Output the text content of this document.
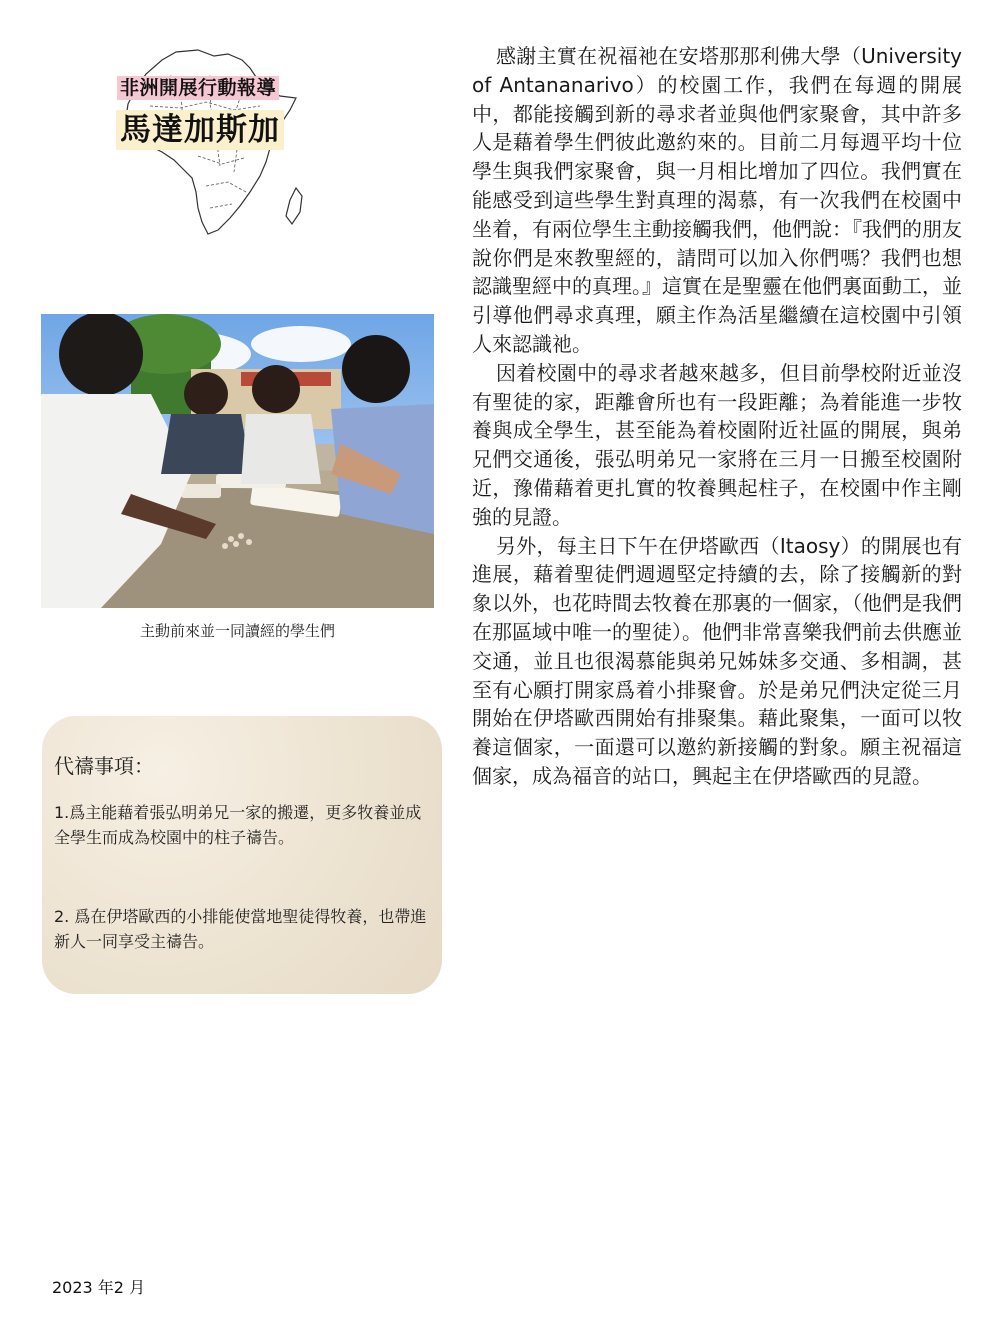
非洲開展行動報導
馬達加斯加
主動前來並一同讀經的學生們
代禱事項：
1.爲主能藉着張弘明弟兄一家的搬遷，更多牧養並成全學生而成為校園中的柱子禱告。
2. 爲在伊塔歐西的小排能使當地聖徒得牧養，也帶進新人一同享受主禱告。

感謝主實在祝福祂在安塔那那利佛大學（University of Antananarivo）的校園工作，我們在每週的開展中，都能接觸到新的尋求者並與他們家聚會，其中許多人是藉着學生們彼此邀約來的。目前二月每週平均十位學生與我們家聚會，與一月相比增加了四位。我們實在能感受到這些學生對真理的渴慕，有一次我們在校園中坐着，有兩位學生主動接觸我們，他們說：『我們的朋友說你們是來教聖經的，請問可以加入你們嗎？我們也想認識聖經中的真理。』這實在是聖靈在他們裏面動工，並引導他們尋求真理，願主作為活星繼續在這校園中引領人來認識祂。

因着校園中的尋求者越來越多，但目前學校附近並沒有聖徒的家，距離會所也有一段距離；為着能進一步牧養與成全學生，甚至能為着校園附近社區的開展，與弟兄們交通後，張弘明弟兄一家將在三月一日搬至校園附近，豫備藉着更扎實的牧養興起柱子，在校園中作主剛強的見證。

另外，每主日下午在伊塔歐西（Itaosy）的開展也有進展，藉着聖徒們週週堅定持續的去，除了接觸新的對象以外，也花時間去牧養在那裏的一個家，（他們是我們在那區域中唯一的聖徒）。他們非常喜樂我們前去供應並交通，並且也很渴慕能與弟兄姊妹多交通、多相調，甚至有心願打開家爲着小排聚會。於是弟兄們決定從三月開始在伊塔歐西開始有排聚集。藉此聚集，一面可以牧養這個家，一面還可以邀約新接觸的對象。願主祝福這個家，成為福音的站口，興起主在伊塔歐西的見證。

2023 年2 月
